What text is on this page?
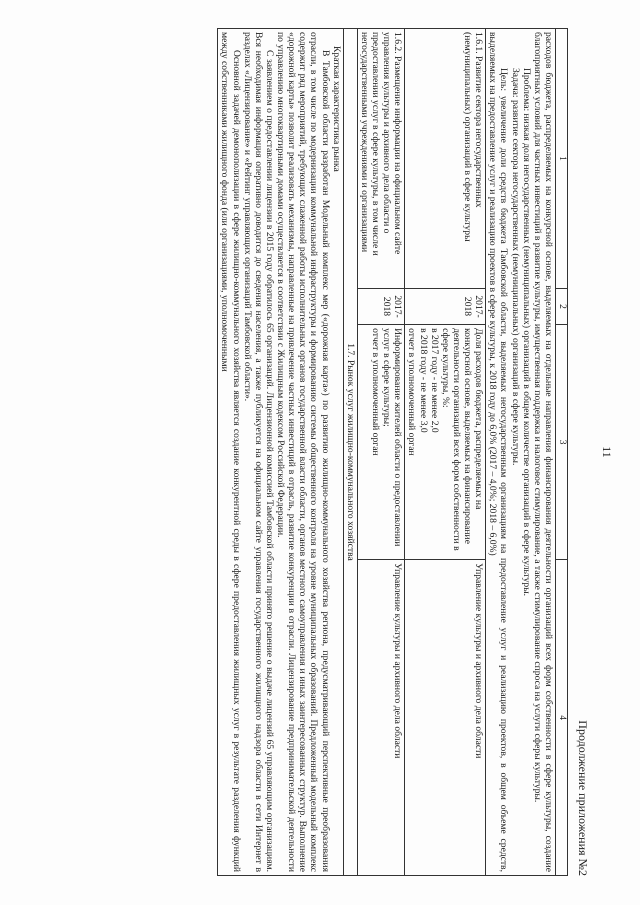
11
Продолжение приложения №2
1	2	3	4

расходов бюджета, распределяемых на конкурсной основе, выделяемых на отдельные направления финансирования деятельности организаций всех форм собственности в сфере культуры, создание благоприятных условий для частных инвестиций в развитие культуры, имущественная поддержка и налоговое стимулирование, а также стимулирование спроса на услуги сферы культуры.

Проблема: низкая доля негосударственных (немуниципальных) организаций в общем количестве организаций в сфере культуры.

Задача: развитие сектора негосударственных (немуниципальных) организаций в сфере культуры.

Цель: увеличение доли средств бюджета Тамбовской области, выделяемых негосударственным организациям на предоставление услуг и реализацию проектов, в общем объеме средств, выделяемых на предоставление услуг и реализацию проектов в сфере культуры, к 2018 году до 6,0% (2017 – 4,0%; 2018 – 6,0%)			

1.6.1. Развитие сектора негосударственных (немуниципальных) организаций в сфере культуры	2017-2018	Доля расходов бюджета, распределяемых на конкурсной основе, выделяемых на финансирование деятельности организаций всех форм собственности в сфере культуры, %:
в 2017 году - не менее 2,0
в 2018 году - не менее 3,0
отчет в уполномоченный орган	Управление культуры и архивного дела области
1.6.2. Размещение информации на официальном сайте управления культуры и архивного дела области о предоставлении услуг в сфере культуры, в том числе и негосударственными учреждениями и организациями	2017-2018	Информирование жителей области о предоставлении услуг в сфере культуры;
отчет в уполномоченный орган	Управление культуры и архивного дела области
1.7. Рынок услуг жилищно-коммунального хозяйства			

Краткая характеристика рынка

В Тамбовской области разработан Модельный комплекс мер («дорожная карта») по развитию жилищно-коммунального хозяйства региона, предусматривающий перспективные преобразования отрасли, в том числе по модернизации коммунальной инфраструктуры и формированию системы общественного контроля на уровне муниципальных образований. Предложенный модельный комплекс содержит ряд мероприятий, требующих слаженной работы исполнительных органов государственной власти области, органов местного самоуправления и иных заинтересованных структур. Выполнение «дорожной карты» позволит реализовать механизмы, направленные на привлечение частных инвестиций в отрасль, развитие конкуренции в отрасли. Лицензирование предпринимательской деятельности по управлению многоквартирными домами осуществляется в соответствии с Жилищным кодексом Российской Федерации.

С заявлением о предоставлении лицензии в 2015 году обратилось 65 организаций. Лицензионной комиссией Тамбовской области принято решение о выдаче лицензий 65 управляющим организациям. Вся необходимая информация оперативно доводится до сведения населения, а также публикуется на официальном сайте управления государственного жилищного надзора области в сети Интернет в разделах «Лицензирование» и «Рейтинг управляющих организаций Тамбовской области».

Основной задачей демонополизации в сфере жилищно-коммунального хозяйства является создание конкурентной среды в сфере предоставления жилищных услуг в результате разделения функций между собственниками жилищного фонда (или организациями, уполномоченными			
